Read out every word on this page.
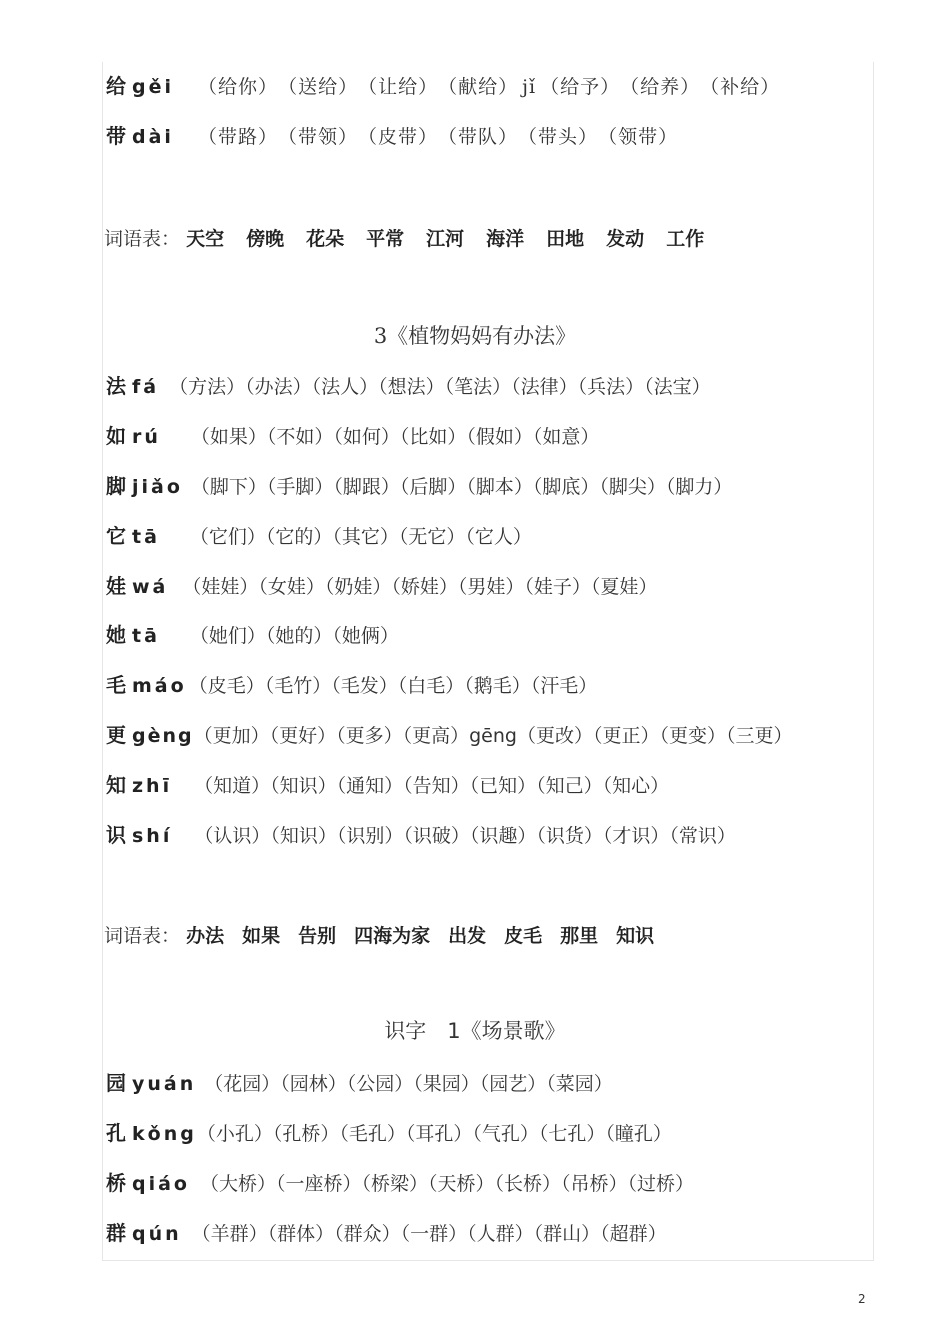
给 gěi （给你）（送给）（让给）（献给） jǐ （给予）（给养）（补给）
带 dài （带路）（带领）（皮带）（带队）（带头）（领带）
词语表： 天空 傍晚 花朵 平常 江河 海洋 田地 发动 工作
3《植物妈妈有办法》
法 fá （方法）（办法）（法人）（想法）（笔法）（法律）（兵法）（法宝）
如 rú （如果）（不如）（如何）（比如）（假如）（如意）
脚 jiǎo （脚下）（手脚）（脚跟）（后脚）（脚本）（脚底）（脚尖）（脚力）
它 tā （它们）（它的）（其它）（无它）（它人）
娃 wá （娃娃）（女娃）（奶娃）（娇娃）（男娃）（娃子）（夏娃）
她 tā （她们）（她的）（她俩）
毛 máo （皮毛）（毛竹）（毛发）（白毛）（鹅毛）（汗毛）
更 gèng（更加）（更好）（更多）（更高）gēng（更改）（更正）（更变）（三更）
知 zhī （知道）（知识）（通知）（告知）（已知）（知己）（知心）
识 shí （认识）（知识）（识别）（识破）（识趣）（识货）（才识）（常识）
词语表： 办法 如果 告别 四海为家 出发 皮毛 那里 知识
识字　1《场景歌》
园 yuán （花园）（园林）（公园）（果园）（园艺）（菜园）
孔 kǒng（小孔）（孔桥）（毛孔）（耳孔）（气孔）（七孔）（瞳孔）
桥 qiáo （大桥）（一座桥）（桥梁）（天桥）（长桥）（吊桥）（过桥）
群 qún （羊群）（群体）（群众）（一群）（人群）（群山）（超群）
2
